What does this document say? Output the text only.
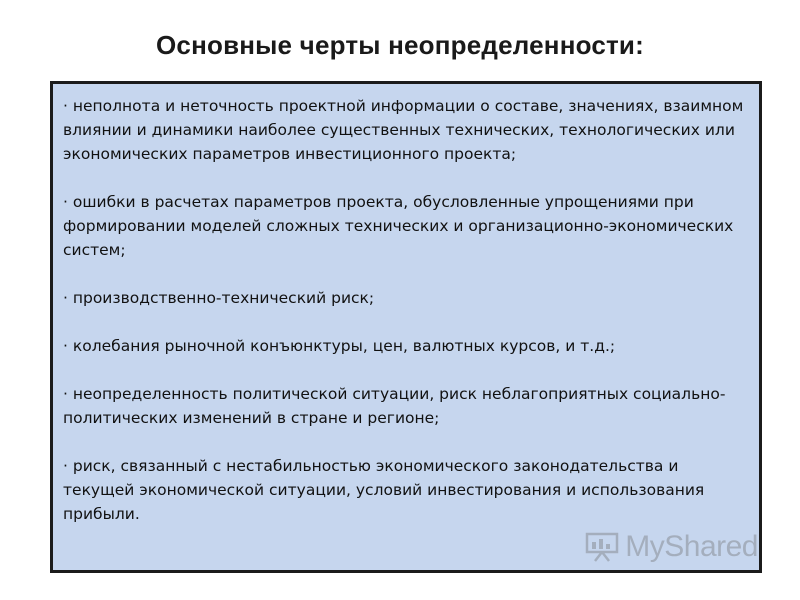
Основные черты неопределенности:

· неполнота и неточность проектной информации о составе, значениях, взаимном влиянии и динамики наиболее существенных технических, технологических или экономических параметров инвестиционного проекта;

· ошибки в расчетах параметров проекта, обусловленные упрощениями при формировании моделей сложных технических и организационно-экономических систем;

· производственно-технический риск;

· колебания рыночной конъюнктуры, цен, валютных курсов, и т.д.;

· неопределенность политической ситуации, риск неблагоприятных социально-политических изменений в стране и регионе;

· риск, связанный с нестабильностью экономического законодательства и текущей экономической ситуации, условий инвестирования и использования прибыли.

MyShared
